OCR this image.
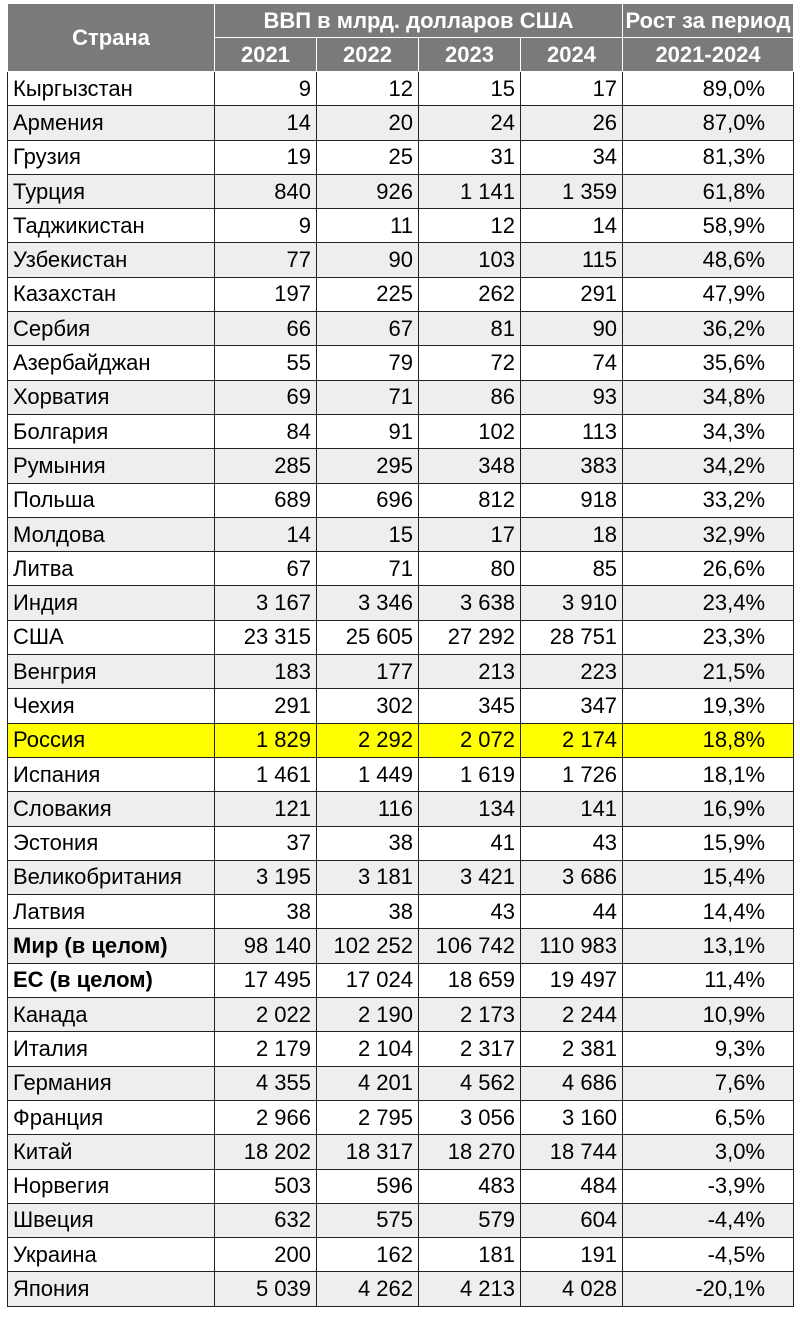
Страна	ВВП в млрд. долларов США				Рост за период
	2021	2022	2023	2024	2021-2024
Кыргызстан	9	12	15	17	89,0%
Армения	14	20	24	26	87,0%
Грузия	19	25	31	34	81,3%
Турция	840	926	1 141	1 359	61,8%
Таджикистан	9	11	12	14	58,9%
Узбекистан	77	90	103	115	48,6%
Казахстан	197	225	262	291	47,9%
Сербия	66	67	81	90	36,2%
Азербайджан	55	79	72	74	35,6%
Хорватия	69	71	86	93	34,8%
Болгария	84	91	102	113	34,3%
Румыния	285	295	348	383	34,2%
Польша	689	696	812	918	33,2%
Молдова	14	15	17	18	32,9%
Литва	67	71	80	85	26,6%
Индия	3 167	3 346	3 638	3 910	23,4%
США	23 315	25 605	27 292	28 751	23,3%
Венгрия	183	177	213	223	21,5%
Чехия	291	302	345	347	19,3%
Россия	1 829	2 292	2 072	2 174	18,8%
Испания	1 461	1 449	1 619	1 726	18,1%
Словакия	121	116	134	141	16,9%
Эстония	37	38	41	43	15,9%
Великобритания	3 195	3 181	3 421	3 686	15,4%
Латвия	38	38	43	44	14,4%
Мир (в целом)	98 140	102 252	106 742	110 983	13,1%
ЕС (в целом)	17 495	17 024	18 659	19 497	11,4%
Канада	2 022	2 190	2 173	2 244	10,9%
Италия	2 179	2 104	2 317	2 381	9,3%
Германия	4 355	4 201	4 562	4 686	7,6%
Франция	2 966	2 795	3 056	3 160	6,5%
Китай	18 202	18 317	18 270	18 744	3,0%
Норвегия	503	596	483	484	-3,9%
Швеция	632	575	579	604	-4,4%
Украина	200	162	181	191	-4,5%
Япония	5 039	4 262	4 213	4 028	-20,1%
